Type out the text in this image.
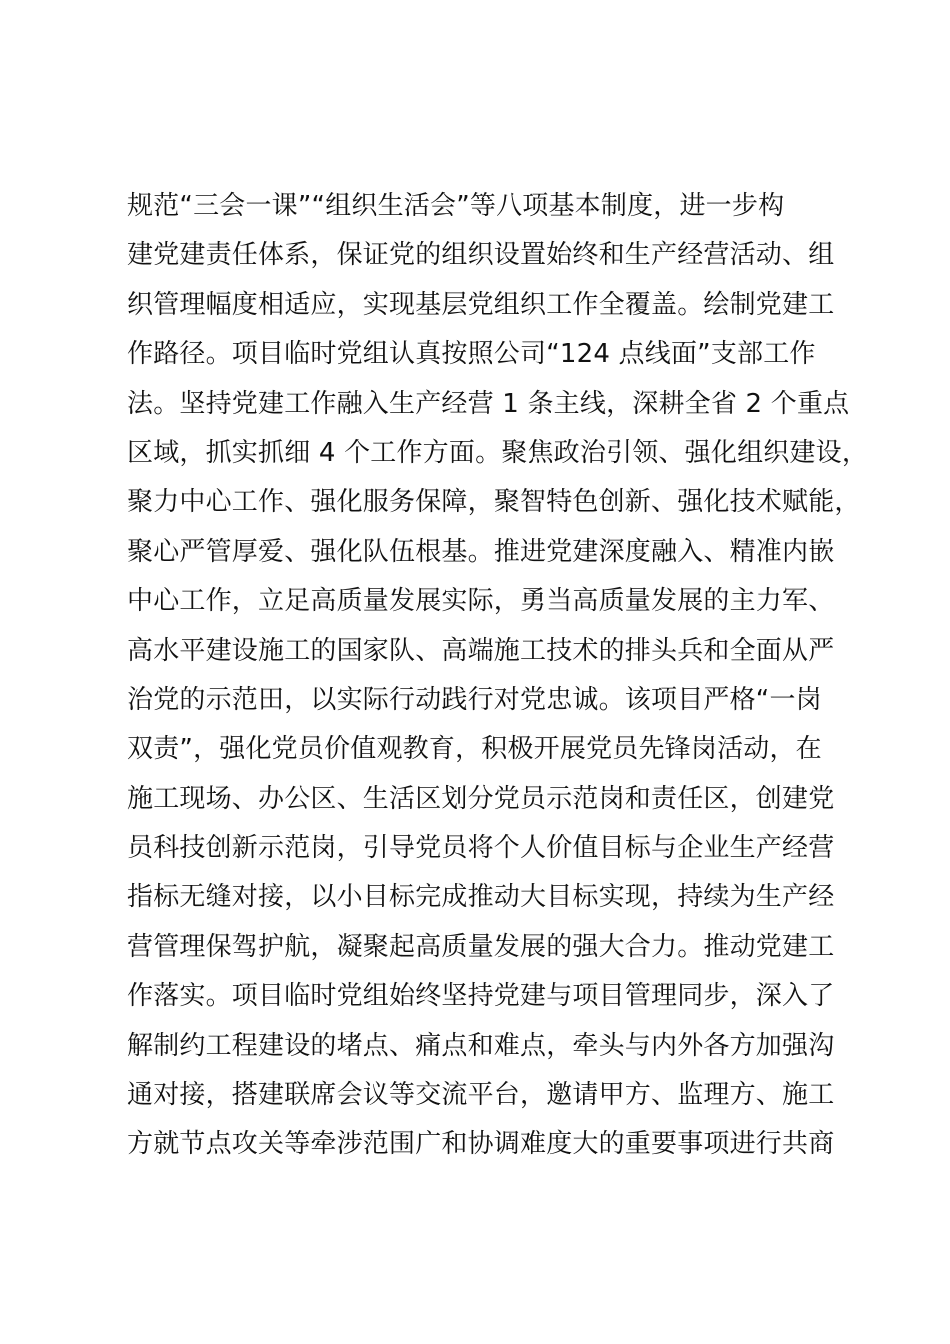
规范“三会一课”“组织生活会”等八项基本制度，进一步构
建党建责任体系，保证党的组织设置始终和生产经营活动、组
织管理幅度相适应，实现基层党组织工作全覆盖。绘制党建工
作路径。项目临时党组认真按照公司“124 点线面”支部工作
法。坚持党建工作融入生产经营 1 条主线，深耕全省 2 个重点
区域，抓实抓细 4 个工作方面。聚焦政治引领、强化组织建设，
聚力中心工作、强化服务保障，聚智特色创新、强化技术赋能，
聚心严管厚爱、强化队伍根基。推进党建深度融入、精准内嵌
中心工作，立足高质量发展实际，勇当高质量发展的主力军、
高水平建设施工的国家队、高端施工技术的排头兵和全面从严
治党的示范田，以实际行动践行对党忠诚。该项目严格“一岗
双责”，强化党员价值观教育，积极开展党员先锋岗活动，在
施工现场、办公区、生活区划分党员示范岗和责任区，创建党
员科技创新示范岗，引导党员将个人价值目标与企业生产经营
指标无缝对接，以小目标完成推动大目标实现，持续为生产经
营管理保驾护航，凝聚起高质量发展的强大合力。推动党建工
作落实。项目临时党组始终坚持党建与项目管理同步，深入了
解制约工程建设的堵点、痛点和难点，牵头与内外各方加强沟
通对接，搭建联席会议等交流平台，邀请甲方、监理方、施工
方就节点攻关等牵涉范围广和协调难度大的重要事项进行共商
